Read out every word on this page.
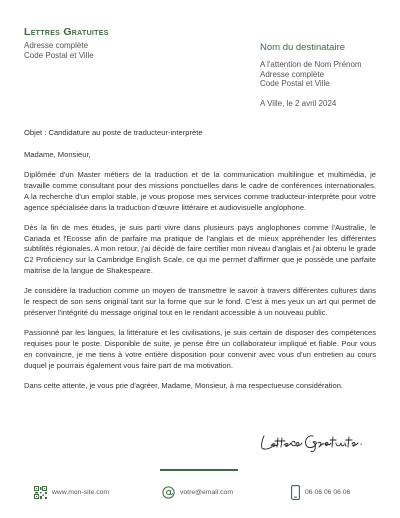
Lettres Gratuites
Adresse complète
Code Postal et Ville
Nom du destinataire
A l'attention de Nom Prénom
Adresse complète
Code Postal et Ville
A Ville, le 2 avril 2024
Objet : Candidature au poste de traducteur-interprète
Madame, Monsieur,

Diplômée d'un Master métiers de la traduction et de la communication multilingue et multimédia, je travaille comme consultant pour des missions ponctuelles dans le cadre de conférences internationales. A la recherche d'un emploi stable, je vous propose mes services comme traducteur-interprète pour votre agence spécialisée dans la traduction d'œuvre littéraire et audiovisuelle anglophone.

Dès la fin de mes études, je suis parti vivre dans plusieurs pays anglophones comme l'Australie, le Canada et l'Ecosse afin de parfaire ma pratique de l'anglais et de mieux appréhender les différentes subtilités régionales. A mon retour, j'ai décidé de faire certifier mon niveau d'anglais et j'ai obtenu le grade C2 Proficiency sur la Cambridge English Scale, ce qui me permet d'affirmer que je possède une parfaite maitrise de la langue de Shakespeare.

Je considère la traduction comme un moyen de transmettre le savoir à travers différentes cultures dans le respect de son sens original tant sur la forme que sur le fond. C'est à mes yeux un art qui permet de préserver l'intégrité du message original tout en le rendant accessible à un nouveau public.

Passionné par les langues, la littérature et les civilisations, je suis certain de disposer des compétences requises pour le poste. Disponible de suite, je pense être un collaborateur impliqué et fiable. Pour vous en convaincre, je me tiens à votre entière disposition pour convenir avec vous d'un entretien au cours duquel je pourrais également vous faire part de ma motivation.

Dans cette attente, je vous prie d'agréer, Madame, Monsieur, à ma respectueuse considération.

www.mon-site.com	votre@email.com	06 06 06 06 06
